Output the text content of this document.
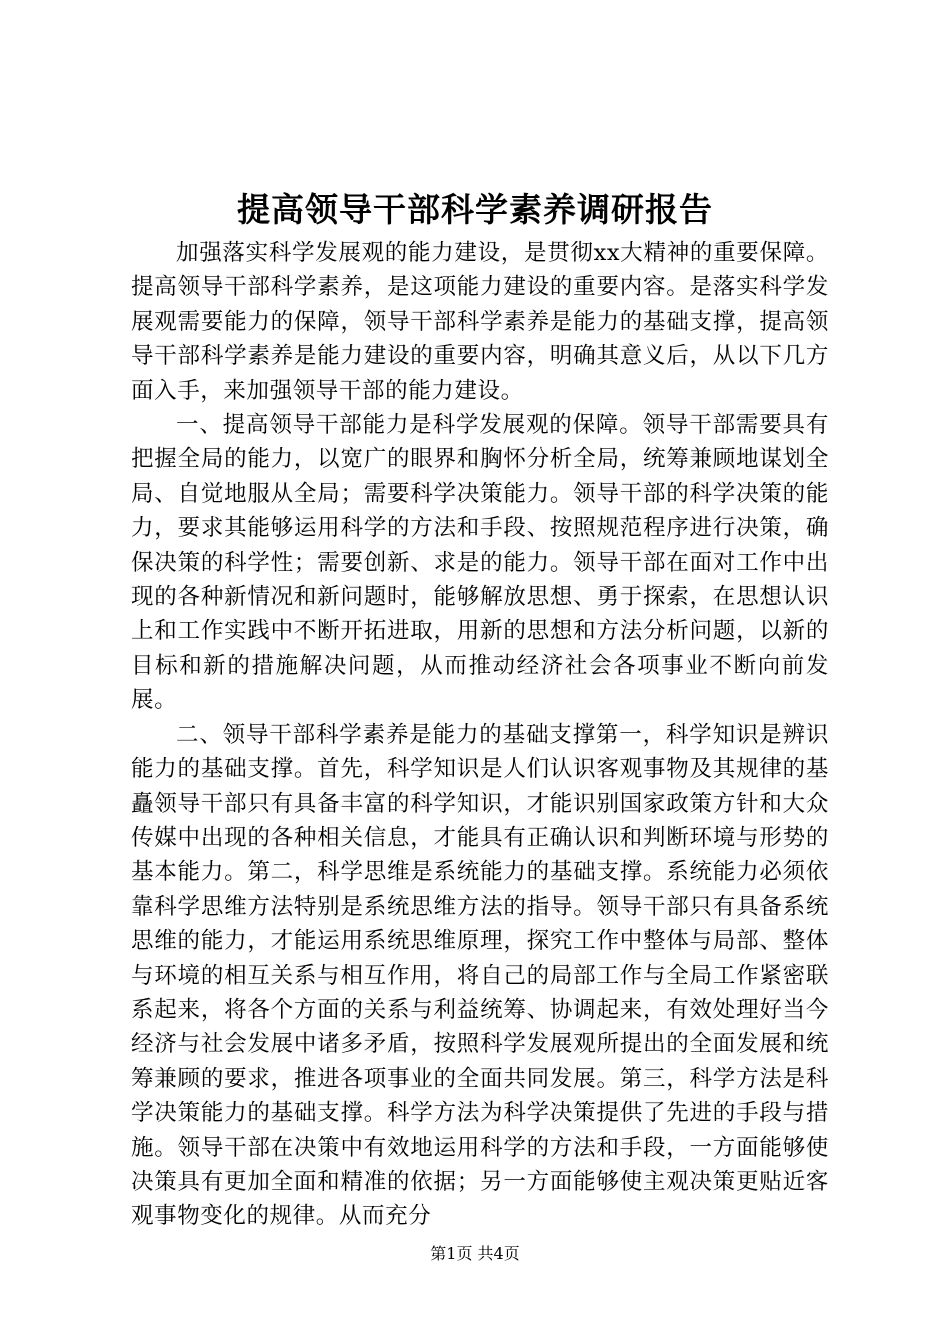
提高领导干部科学素养调研报告

加强落实科学发展观的能力建设，是贯彻xx大精神的重要保障。提高领导干部科学素养，是这项能力建设的重要内容。是落实科学发展观需要能力的保障，领导干部科学素养是能力的基础支撑，提高领导干部科学素养是能力建设的重要内容，明确其意义后，从以下几方面入手，来加强领导干部的能力建设。

一、提高领导干部能力是科学发展观的保障。领导干部需要具有把握全局的能力，以宽广的眼界和胸怀分析全局，统筹兼顾地谋划全局、自觉地服从全局；需要科学决策能力。领导干部的科学决策的能力，要求其能够运用科学的方法和手段、按照规范程序进行决策，确保决策的科学性；需要创新、求是的能力。领导干部在面对工作中出现的各种新情况和新问题时，能够解放思想、勇于探索，在思想认识上和工作实践中不断开拓进取，用新的思想和方法分析问题，以新的目标和新的措施解决问题，从而推动经济社会各项事业不断向前发展。

二、领导干部科学素养是能力的基础支撑第一，科学知识是辨识能力的基础支撑。首先，科学知识是人们认识客观事物及其规律的基矗领导干部只有具备丰富的科学知识，才能识别国家政策方针和大众传媒中出现的各种相关信息，才能具有正确认识和判断环境与形势的基本能力。第二，科学思维是系统能力的基础支撑。系统能力必须依靠科学思维方法特别是系统思维方法的指导。领导干部只有具备系统思维的能力，才能运用系统思维原理，探究工作中整体与局部、整体与环境的相互关系与相互作用，将自己的局部工作与全局工作紧密联系起来，将各个方面的关系与利益统筹、协调起来，有效处理好当今经济与社会发展中诸多矛盾，按照科学发展观所提出的全面发展和统筹兼顾的要求，推进各项事业的全面共同发展。第三，科学方法是科学决策能力的基础支撑。科学方法为科学决策提供了先进的手段与措施。领导干部在决策中有效地运用科学的方法和手段，一方面能够使决策具有更加全面和精准的依据；另一方面能够使主观决策更贴近客观事物变化的规律。从而充分

第1页 共4页
